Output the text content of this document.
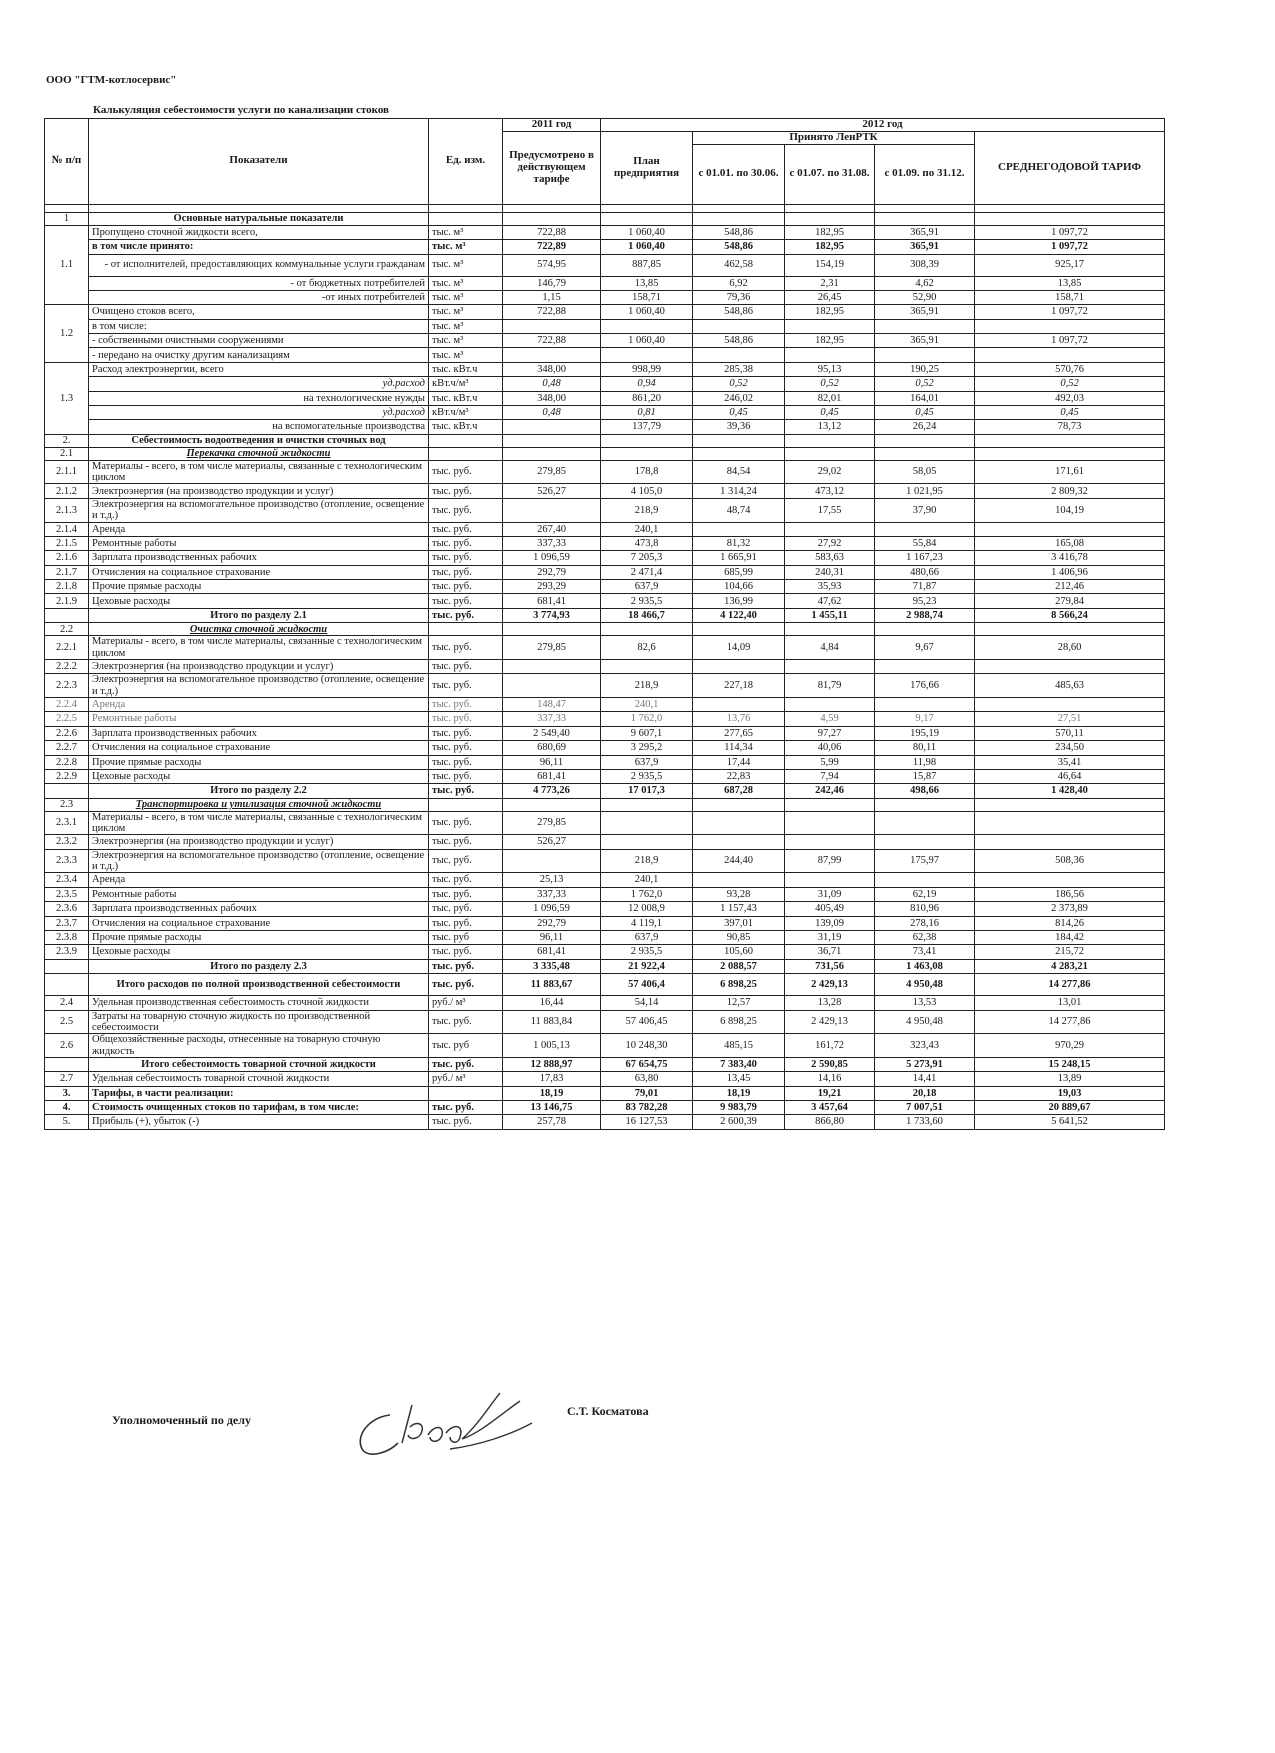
ООО "ГТМ-котлосервис"
Калькуляция себестоимости услуги по канализации стоков
№ п/п	Показатели	Ед. изм.	2011 год	2012 год				
			Предусмотрено в действующем тарифе	План предприятия	Принято ЛенРТК			СРЕДНЕГОДОВОЙ ТАРИФ
					с 01.01. по 30.06.	с 01.07. по 31.08.	с 01.09. по 31.12.	

1	Основные натуральные показатели							
1.1	Пропущено сточной жидкости всего,	тыс. м³	722,88	1 060,40	548,86	182,95	365,91	1 097,72
	в том числе принято:	тыс. м³	722,89	1 060,40	548,86	182,95	365,91	1 097,72
	- от исполнителей, предоставляющих коммунальные услуги гражданам	тыс. м³	574,95	887,85	462,58	154,19	308,39	925,17
	- от бюджетных потребителей	тыс. м³	146,79	13,85	6,92	2,31	4,62	13,85
	-от иных потребителей	тыс. м³	1,15	158,71	79,36	26,45	52,90	158,71
1.2	Очищено стоков всего,	тыс. м³	722,88	1 060,40	548,86	182,95	365,91	1 097,72
	в том числе:	тыс. м³						
	- собственными очистными сооружениями	тыс. м³	722,88	1 060,40	548,86	182,95	365,91	1 097,72
	- передано на очистку другим канализациям	тыс. м³						
1.3	Расход электроэнергии, всего	тыс. кВт.ч	348,00	998,99	285,38	95,13	190,25	570,76
	уд.расход	кВт.ч/м³	0,48	0,94	0,52	0,52	0,52	0,52
	на технологические нужды	тыс. кВт.ч	348,00	861,20	246,02	82,01	164,01	492,03
	уд.расход	кВт.ч/м³	0,48	0,81	0,45	0,45	0,45	0,45
	на вспомогательные производства	тыс. кВт.ч		137,79	39,36	13,12	26,24	78,73
2.	Себестоимость водоотведения и очистки сточных вод							
2.1	Перекачка сточной жидкости							
2.1.1	Материалы - всего, в том числе материалы, связанные с технологическим циклом	тыс. руб.	279,85	178,8	84,54	29,02	58,05	171,61
2.1.2	Электроэнергия (на производство продукции и услуг)	тыс. руб.	526,27	4 105,0	1 314,24	473,12	1 021,95	2 809,32
2.1.3	Электроэнергия на вспомогательное производство (отопление, освещение и т.д.)	тыс. руб.		218,9	48,74	17,55	37,90	104,19
2.1.4	Аренда	тыс. руб.	267,40	240,1				
2.1.5	Ремонтные работы	тыс. руб.	337,33	473,8	81,32	27,92	55,84	165,08
2.1.6	Зарплата производственных рабочих	тыс. руб.	1 096,59	7 205,3	1 665,91	583,63	1 167,23	3 416,78
2.1.7	Отчисления на социальное страхование	тыс. руб.	292,79	2 471,4	685,99	240,31	480,66	1 406,96
2.1.8	Прочие прямые расходы	тыс. руб.	293,29	637,9	104,66	35,93	71,87	212,46
2.1.9	Цеховые расходы	тыс. руб.	681,41	2 935,5	136,99	47,62	95,23	279,84
	Итого по разделу 2.1	тыс. руб.	3 774,93	18 466,7	4 122,40	1 455,11	2 988,74	8 566,24
2.2	Очистка сточной жидкости							
2.2.1	Материалы - всего, в том числе материалы, связанные с технологическим циклом	тыс. руб.	279,85	82,6	14,09	4,84	9,67	28,60
2.2.2	Электроэнергия (на производство продукции и услуг)	тыс. руб.						
2.2.3	Электроэнергия на вспомогательное производство (отопление, освещение и т.д.)	тыс. руб.		218,9	227,18	81,79	176,66	485,63
2.2.4	Аренда	тыс. руб.	148,47	240,1				
2.2.5	Ремонтные работы	тыс. руб.	337,33	1 762,0	13,76	4,59	9,17	27,51
2.2.6	Зарплата производственных рабочих	тыс. руб.	2 549,40	9 607,1	277,65	97,27	195,19	570,11
2.2.7	Отчисления на социальное страхование	тыс. руб.	680,69	3 295,2	114,34	40,06	80,11	234,50
2.2.8	Прочие прямые расходы	тыс. руб.	96,11	637,9	17,44	5,99	11,98	35,41
2.2.9	Цеховые расходы	тыс. руб.	681,41	2 935,5	22,83	7,94	15,87	46,64
	Итого по разделу 2.2	тыс. руб.	4 773,26	17 017,3	687,28	242,46	498,66	1 428,40
2.3	Транспортировка и утилизация сточной жидкости							
2.3.1	Материалы - всего, в том числе материалы, связанные с технологическим циклом	тыс. руб.	279,85					
2.3.2	Электроэнергия (на производство продукции и услуг)	тыс. руб.	526,27					
2.3.3	Электроэнергия на вспомогательное производство (отопление, освещение и т.д.)	тыс. руб.		218,9	244,40	87,99	175,97	508,36
2.3.4	Аренда	тыс. руб.	25,13	240,1				
2.3.5	Ремонтные работы	тыс. руб.	337,33	1 762,0	93,28	31,09	62,19	186,56
2.3.6	Зарплата производственных рабочих	тыс. руб.	1 096,59	12 008,9	1 157,43	405,49	810,96	2 373,89
2.3.7	Отчисления на социальное страхование	тыс. руб.	292,79	4 119,1	397,01	139,09	278,16	814,26
2.3.8	Прочие прямые расходы	тыс. руб	96,11	637,9	90,85	31,19	62,38	184,42
2.3.9	Цеховые расходы	тыс. руб.	681,41	2 935,5	105,60	36,71	73,41	215,72
	Итого по разделу 2.3	тыс. руб.	3 335,48	21 922,4	2 088,57	731,56	1 463,08	4 283,21
	Итого расходов по полной производственной себестоимости	тыс. руб.	11 883,67	57 406,4	6 898,25	2 429,13	4 950,48	14 277,86
2.4	Удельная производственная себестоимость сточной жидкости	руб./ м³	16,44	54,14	12,57	13,28	13,53	13,01
2.5	Затраты на товарную сточную жидкость по производственной себестоимости	тыс. руб.	11 883,84	57 406,45	6 898,25	2 429,13	4 950,48	14 277,86
2.6	Общехозяйственные расходы, отнесенные на товарную сточную жидкость	тыс. руб	1 005,13	10 248,30	485,15	161,72	323,43	970,29
	Итого себестоимость товарной сточной жидкости	тыс. руб.	12 888,97	67 654,75	7 383,40	2 590,85	5 273,91	15 248,15
2.7	Удельная себестоимость товарной сточной жидкости	руб./ м³	17,83	63,80	13,45	14,16	14,41	13,89
3.	Тарифы, в части реализации:		18,19	79,01	18,19	19,21	20,18	19,03
4.	Стоимость очищенных стоков по тарифам, в том числе:	тыс. руб.	13 146,75	83 782,28	9 983,79	3 457,64	7 007,51	20 889,67
5.	Прибыль (+), убыток (-)	тыс. руб.	257,78	16 127,53	2 600,39	866,80	1 733,60	5 641,52
Уполномоченный по делу
С.Т. Косматова
